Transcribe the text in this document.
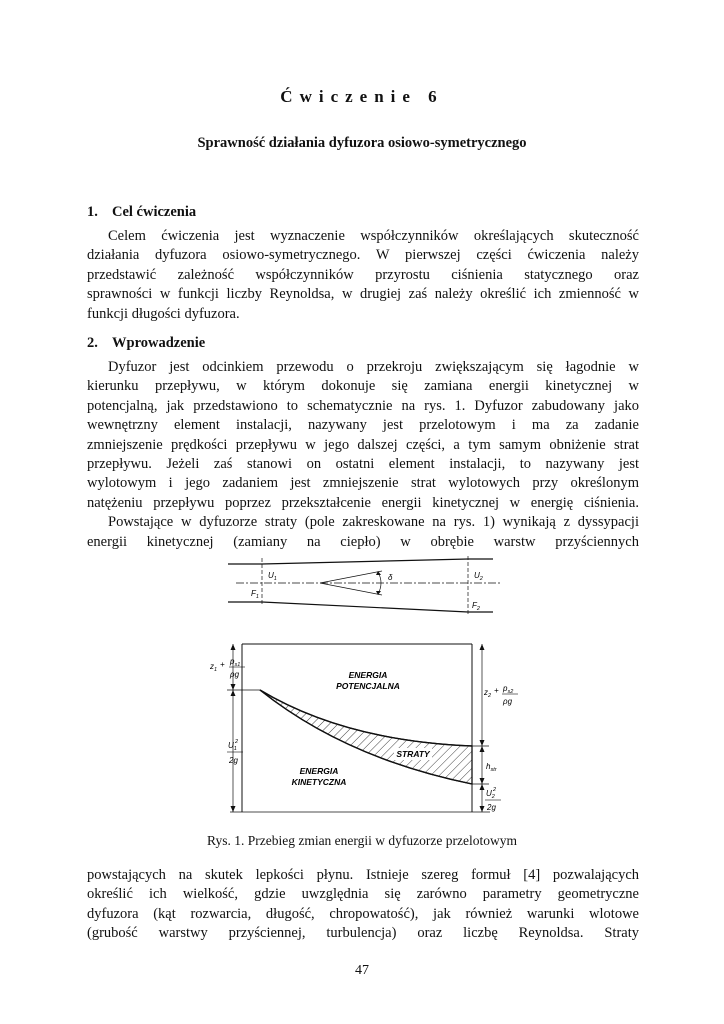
Ćwiczenie 6
Sprawność działania dyfuzora osiowo-symetrycznego
1. Cel ćwiczenia
Celem ćwiczenia jest wyznaczenie współczynników określających skuteczność
działania dyfuzora osiowo-symetrycznego. W pierwszej części ćwiczenia należy
przedstawić zależność współczynników przyrostu ciśnienia statycznego oraz
sprawności w funkcji liczby Reynoldsa, w drugiej zaś należy określić ich zmienność w
funkcji długości dyfuzora.
2. Wprowadzenie
Dyfuzor jest odcinkiem przewodu o przekroju zwiększającym się łagodnie w
kierunku przepływu, w którym dokonuje się zamiana energii kinetycznej w
potencjalną, jak przedstawiono to schematycznie na rys. 1. Dyfuzor zabudowany jako
wewnętrzny element instalacji, nazywany jest przelotowym i ma za zadanie
zmniejszenie prędkości przepływu w jego dalszej części, a tym samym obniżenie strat
przepływu. Jeżeli zaś stanowi on ostatni element instalacji, to nazywany jest
wylotowym i jego zadaniem jest zmniejszenie strat wylotowych przy określonym
natężeniu przepływu poprzez przekształcenie energii kinetycznej w energię ciśnienia.
Powstające w dyfuzorze straty (pole zakreskowane na rys. 1) wynikają z dyssypacji
energii kinetycznej (zamiany na ciepło) w obrębie warstw przyściennych
$U_1$
$F_1$
δ	$U_2$
$F_2$
$z_1$
+ $p_{s1}$
ρg
$U_1$
2
2g
$z_2$
+ $p_{s2}$
ρg
$h_{str}$
$U_2$
2
2g
ENERGIA
POTENCJALNA
ENERGIA
KINETYCZNA
STRATY
Rys. 1. Przebieg zmian energii w dyfuzorze przelotowym
powstających na skutek lepkości płynu. Istnieje szereg formuł [4] pozwalających
określić ich wielkość, gdzie uwzględnia się zarówno parametry geometryczne
dyfuzora (kąt rozwarcia, długość, chropowatość), jak również warunki wlotowe
(grubość warstwy przyściennej, turbulencja) oraz liczbę Reynoldsa. Straty
47
